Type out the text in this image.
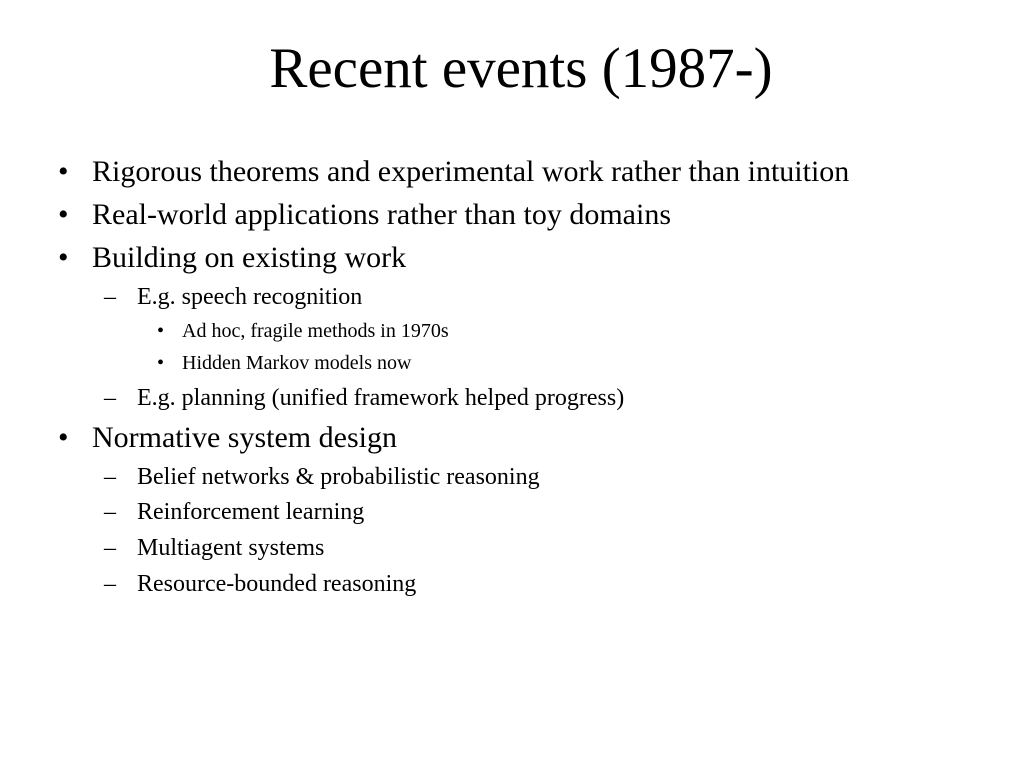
Recent events (1987-)
• Rigorous theorems and experimental work rather than intuition
• Real-world applications rather than toy domains
• Building on existing work
– E.g. speech recognition
• Ad hoc, fragile methods in 1970s
• Hidden Markov models now
– E.g. planning (unified framework helped progress)
• Normative system design
– Belief networks & probabilistic reasoning
– Reinforcement learning
– Multiagent systems
– Resource-bounded reasoning
